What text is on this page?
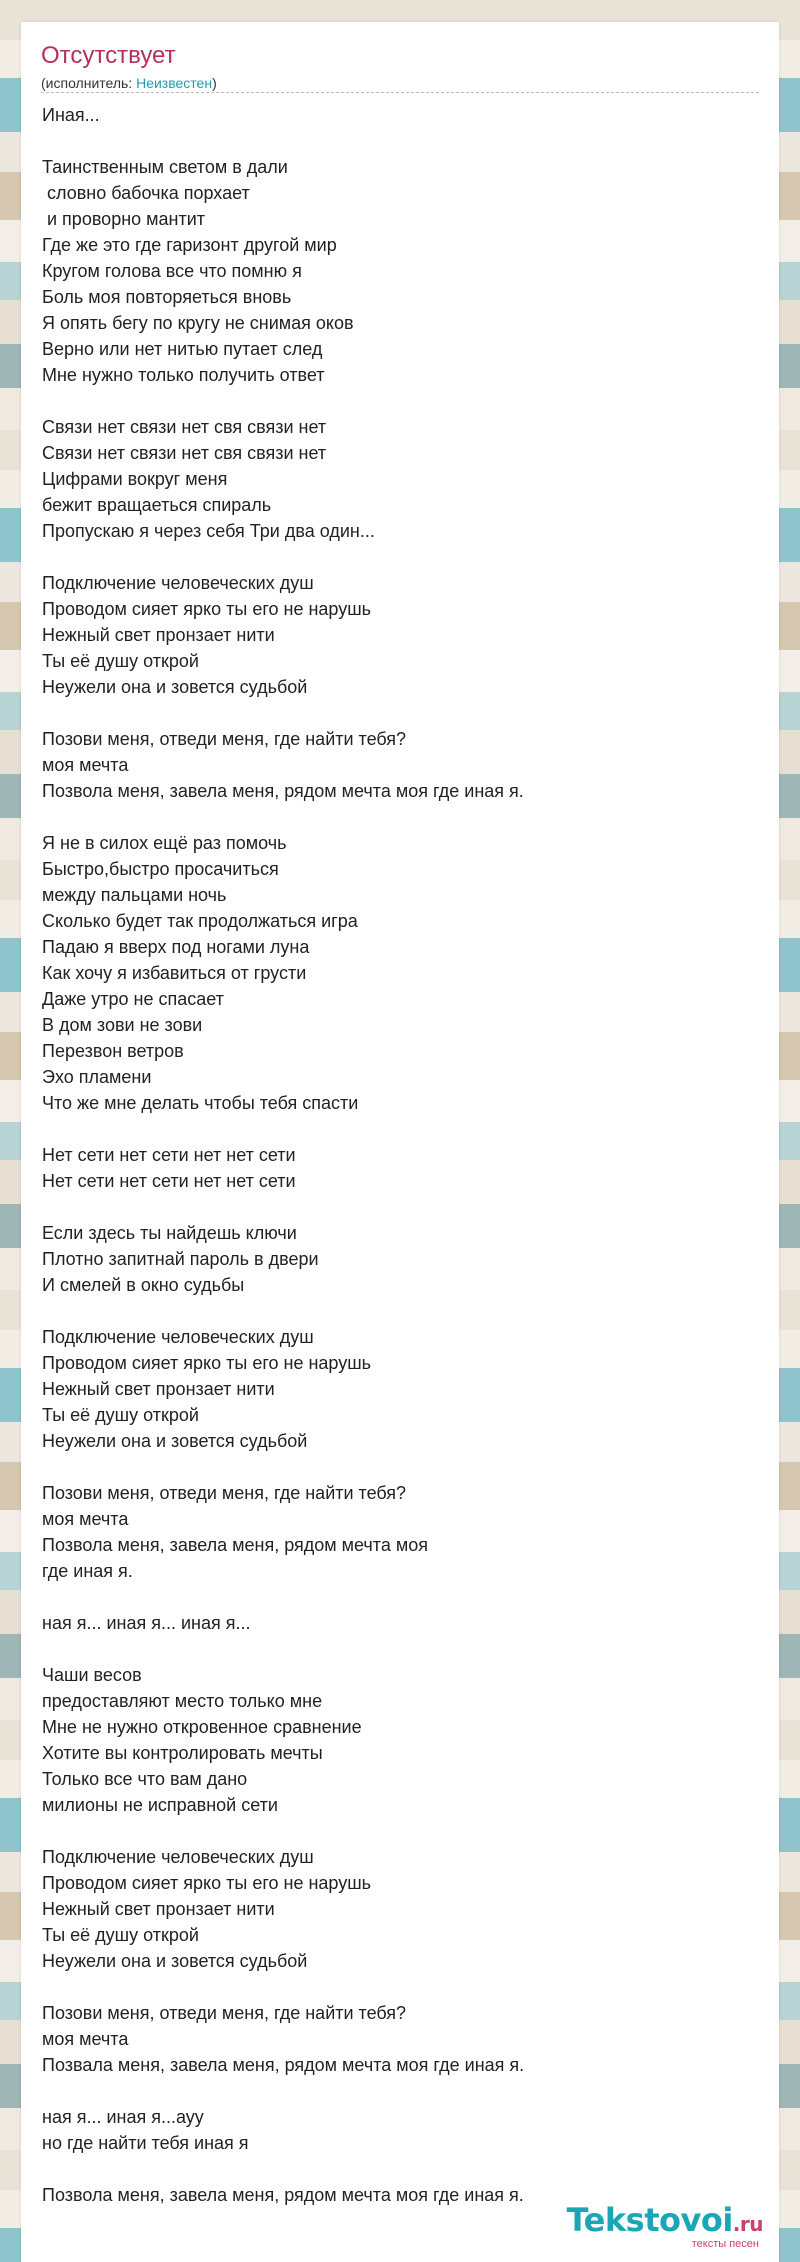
Отсутствует
(исполнитель: Неизвестен)
Иная...

Таинственным светом в дали
словно бабочка порхает
и проворно мантит
Где же это где гаризонт другой мир
Кругом голова все что помню я
Боль моя повторяеться вновь
Я опять бегу по кругу не снимая оков
Верно или нет нитью путает след
Мне нужно только получить ответ

Связи нет связи нет свя связи нет
Связи нет связи нет свя связи нет
Цифрами вокруг меня
бежит вращаеться спираль
Пропускаю я через себя Три два один...

Подключение человеческих душ
Проводом сияет ярко ты его не нарушь
Нежный свет пронзает нити
Ты её душу открой
Неужели она и зовется судьбой

Позови меня, отведи меня, где найти тебя?
моя мечта
Позвола меня, завела меня, рядом мечта моя где иная я.

Я не в силох ещё раз помочь
Быстро,быстро просачиться
между пальцами ночь
Сколько будет так продолжаться игра
Падаю я вверх под ногами луна
Как хочу я избавиться от грусти
Даже утро не спасает
В дом зови не зови
Перезвон ветров
Эхо пламени
Что же мне делать чтобы тебя спасти

Нет сети нет сети нет нет сети
Нет сети нет сети нет нет сети

Если здесь ты найдешь ключи
Плотно запитнай пароль в двери
И смелей в окно судьбы

Подключение человеческих душ
Проводом сияет ярко ты его не нарушь
Нежный свет пронзает нити
Ты её душу открой
Неужели она и зовется судьбой

Позови меня, отведи меня, где найти тебя?
моя мечта
Позвола меня, завела меня, рядом мечта моя
где иная я.

ная я... иная я... иная я...

Чаши весов
предоставляют место только мне
Мне не нужно откровенное сравнение
Хотите вы контролировать мечты
Только все что вам дано
милионы не исправной сети

Подключение человеческих душ
Проводом сияет ярко ты его не нарушь
Нежный свет пронзает нити
Ты её душу открой
Неужели она и зовется судьбой

Позови меня, отведи меня, где найти тебя?
моя мечта
Позвала меня, завела меня, рядом мечта моя где иная я.

ная я... иная я...ауу
но где найти тебя иная я

Позвола меня, завела меня, рядом мечта моя где иная я.
Tekstovoi.ru
тексты песен
